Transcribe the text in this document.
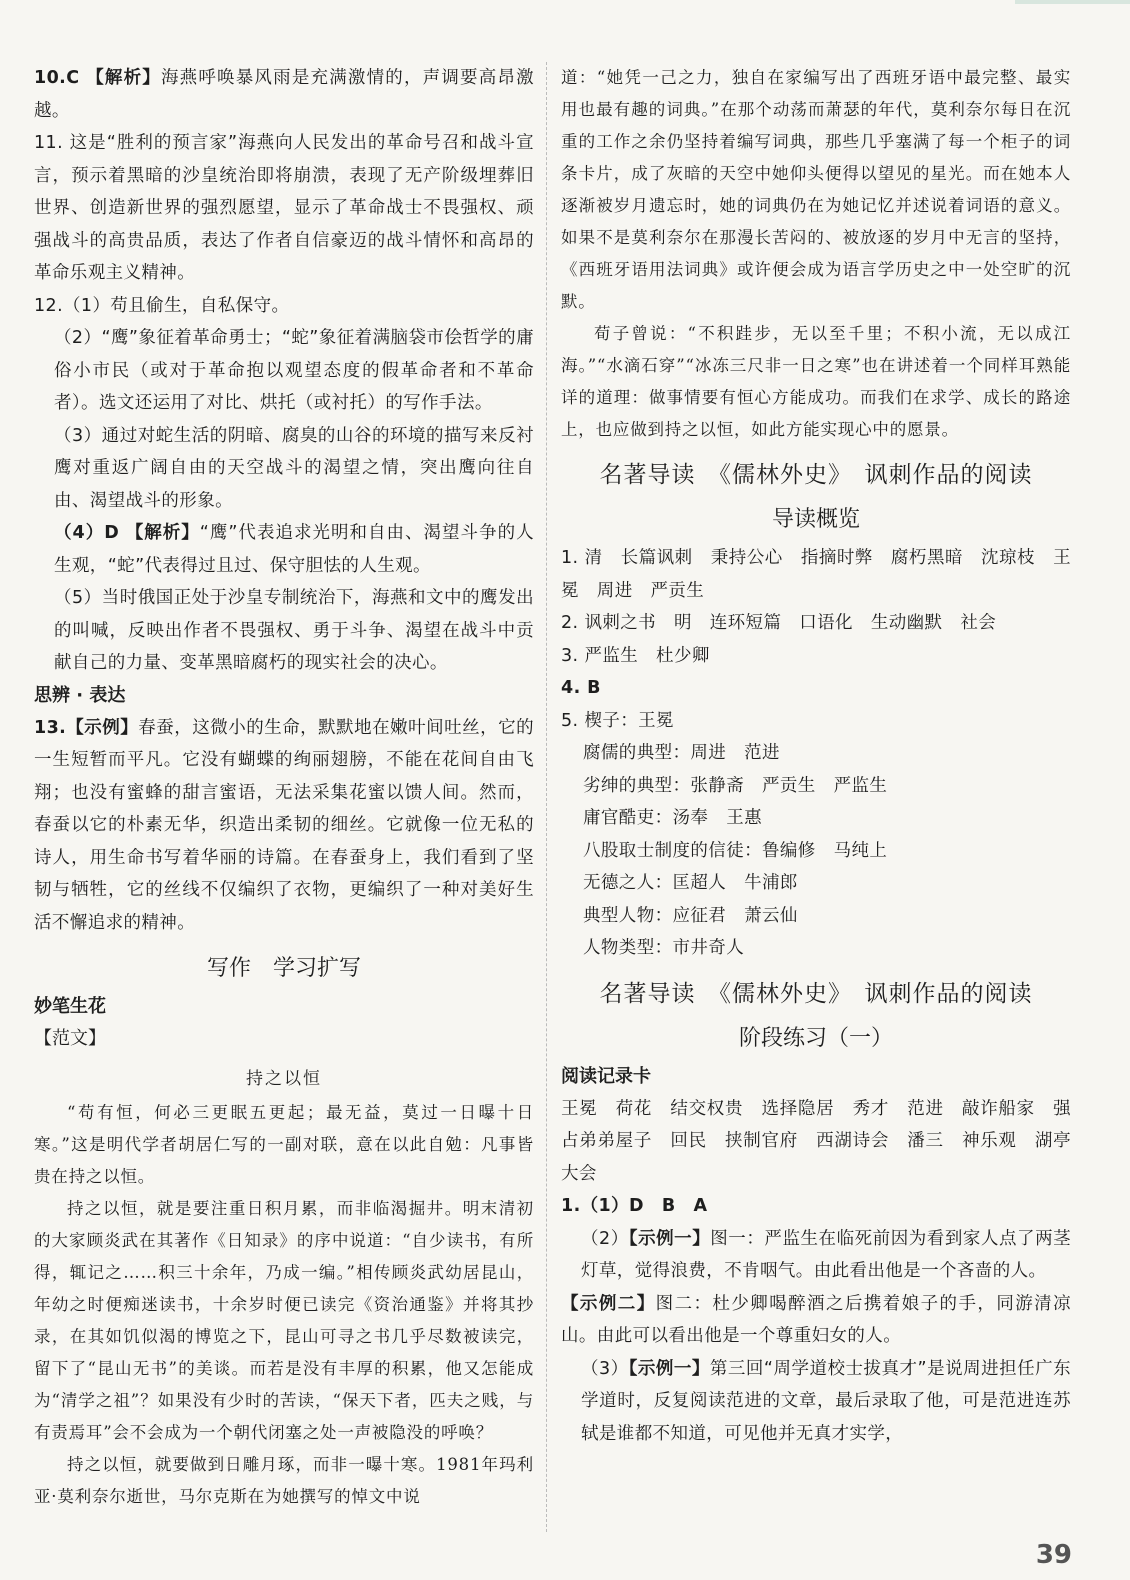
10.C 【解析】海燕呼唤暴风雨是充满激情的，声调要高昂激越。

11. 这是“胜利的预言家”海燕向人民发出的革命号召和战斗宣言，预示着黑暗的沙皇统治即将崩溃，表现了无产阶级埋葬旧世界、创造新世界的强烈愿望，显示了革命战士不畏强权、顽强战斗的高贵品质，表达了作者自信豪迈的战斗情怀和高昂的革命乐观主义精神。

12.（1）苟且偷生，自私保守。

（2）“鹰”象征着革命勇士；“蛇”象征着满脑袋市侩哲学的庸俗小市民（或对于革命抱以观望态度的假革命者和不革命者）。选文还运用了对比、烘托（或衬托）的写作手法。

（3）通过对蛇生活的阴暗、腐臭的山谷的环境的描写来反衬鹰对重返广阔自由的天空战斗的渴望之情，突出鹰向往自由、渴望战斗的形象。

（4）D 【解析】“鹰”代表追求光明和自由、渴望斗争的人生观，“蛇”代表得过且过、保守胆怯的人生观。

（5）当时俄国正处于沙皇专制统治下，海燕和文中的鹰发出的叫喊，反映出作者不畏强权、勇于斗争、渴望在战斗中贡献自己的力量、变革黑暗腐朽的现实社会的决心。

思辨 · 表达

13.【示例】春蚕，这微小的生命，默默地在嫩叶间吐丝，它的一生短暂而平凡。它没有蝴蝶的绚丽翅膀，不能在花间自由飞翔；也没有蜜蜂的甜言蜜语，无法采集花蜜以馈人间。然而，春蚕以它的朴素无华，织造出柔韧的细丝。它就像一位无私的诗人，用生命书写着华丽的诗篇。在春蚕身上，我们看到了坚韧与牺牲，它的丝线不仅编织了衣物，更编织了一种对美好生活不懈追求的精神。

写作　学习扩写

妙笔生花

【范文】

持之以恒

“苟有恒，何必三更眠五更起；最无益，莫过一日曝十日寒。”这是明代学者胡居仁写的一副对联，意在以此自勉：凡事皆贵在持之以恒。

持之以恒，就是要注重日积月累，而非临渴掘井。明末清初的大家顾炎武在其著作《日知录》的序中说道：“自少读书，有所得，辄记之……积三十余年，乃成一编。”相传顾炎武幼居昆山，年幼之时便痴迷读书，十余岁时便已读完《资治通鉴》并将其抄录，在其如饥似渴的博览之下，昆山可寻之书几乎尽数被读完，留下了“昆山无书”的美谈。而若是没有丰厚的积累，他又怎能成为“清学之祖”？如果没有少时的苦读，“保天下者，匹夫之贱，与有责焉耳”会不会成为一个朝代闭塞之处一声被隐没的呼唤？

持之以恒，就要做到日雕月琢，而非一曝十寒。1981年玛利亚·莫利奈尔逝世，马尔克斯在为她撰写的悼文中说

道：“她凭一己之力，独自在家编写出了西班牙语中最完整、最实用也最有趣的词典。”在那个动荡而萧瑟的年代，莫利奈尔每日在沉重的工作之余仍坚持着编写词典，那些几乎塞满了每一个柜子的词条卡片，成了灰暗的天空中她仰头便得以望见的星光。而在她本人逐渐被岁月遗忘时，她的词典仍在为她记忆并述说着词语的意义。如果不是莫利奈尔在那漫长苦闷的、被放逐的岁月中无言的坚持，《西班牙语用法词典》或许便会成为语言学历史之中一处空旷的沉默。

荀子曾说：“不积跬步，无以至千里；不积小流，无以成江海。”“水滴石穿”“冰冻三尺非一日之寒”也在讲述着一个同样耳熟能详的道理：做事情要有恒心方能成功。而我们在求学、成长的路途上，也应做到持之以恒，如此方能实现心中的愿景。

名著导读　《儒林外史》　讽刺作品的阅读

导读概览

1. 清　长篇讽刺　秉持公心　指摘时弊　腐朽黑暗　沈琼枝　王冕　周进　严贡生

2. 讽刺之书　明　连环短篇　口语化　生动幽默　社会

3. 严监生　杜少卿

4. B

5. 楔子：王冕

腐儒的典型：周进　范进

劣绅的典型：张静斋　严贡生　严监生

庸官酷吏：汤奉　王惠

八股取士制度的信徒：鲁编修　马纯上

无德之人：匡超人　牛浦郎

典型人物：应征君　萧云仙

人物类型：市井奇人

名著导读　《儒林外史》　讽刺作品的阅读

阶段练习（一）

阅读记录卡

王冕　荷花　结交权贵　选择隐居　秀才　范进　敲诈船家　强占弟弟屋子　回民　挟制官府　西湖诗会　潘三　神乐观　湖亭大会

1.（1）D　B　A

（2）【示例一】图一：严监生在临死前因为看到家人点了两茎灯草，觉得浪费，不肯咽气。由此看出他是一个吝啬的人。

【示例二】图二：杜少卿喝醉酒之后携着娘子的手，同游清凉山。由此可以看出他是一个尊重妇女的人。

（3）【示例一】第三回“周学道校士拔真才”是说周进担任广东学道时，反复阅读范进的文章，最后录取了他，可是范进连苏轼是谁都不知道，可见他并无真才实学，

39
